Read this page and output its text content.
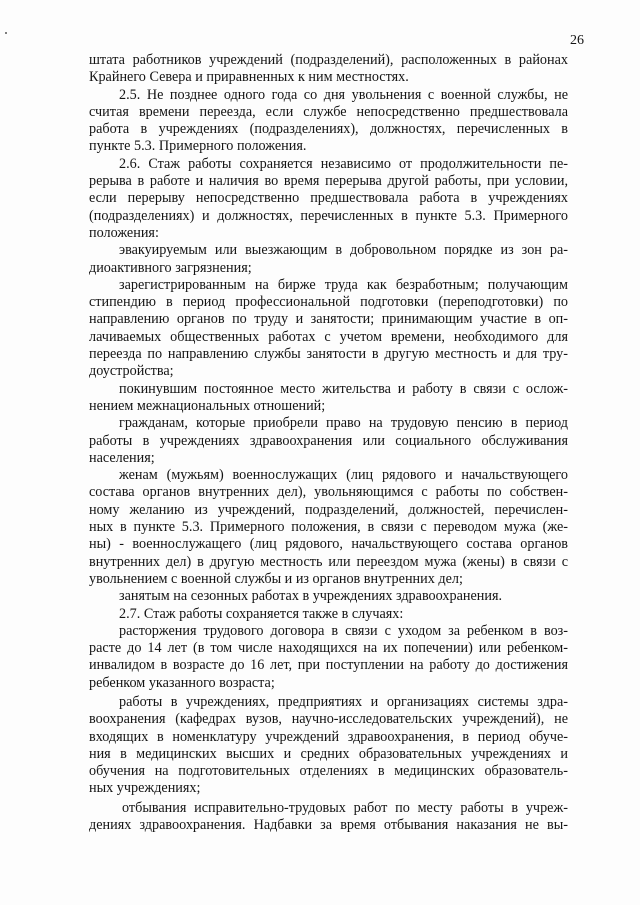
26
штата работников учреждений (подразделений), расположенных в районах
Крайнего Севера и приравненных к ним местностях.
2.5. Не позднее одного года со дня увольнения с военной службы, не
считая времени переезда, если службе непосредственно предшествовала
работа в учреждениях (подразделениях), должностях, перечисленных в
пункте 5.3. Примерного положения.
2.6. Стаж работы сохраняется независимо от продолжительности пе-
рерыва в работе и наличия во время перерыва другой работы, при условии,
если перерыву непосредственно предшествовала работа в учреждениях
(подразделениях) и должностях, перечисленных в пункте 5.3. Примерного
положения:
эвакуируемым или выезжающим в добровольном порядке из зон ра-
диоактивного загрязнения;
зарегистрированным на бирже труда как безработным; получающим
стипендию в период профессиональной подготовки (переподготовки) по
направлению органов по труду и занятости; принимающим участие в оп-
лачиваемых общественных работах с учетом времени, необходимого для
переезда по направлению службы занятости в другую местность и для тру-
доустройства;
покинувшим постоянное место жительства и работу в связи с ослож-
нением межнациональных отношений;
гражданам, которые приобрели право на трудовую пенсию в период
работы в учреждениях здравоохранения или социального обслуживания
населения;
женам (мужьям) военнослужащих (лиц рядового и начальствующего
состава органов внутренних дел), увольняющимся с работы по собствен-
ному желанию из учреждений, подразделений, должностей, перечислен-
ных в пункте 5.3. Примерного положения, в связи с переводом мужа (же-
ны) - военнослужащего (лиц рядового, начальствующего состава органов
внутренних дел) в другую местность или переездом мужа (жены) в связи с
увольнением с военной службы и из органов внутренних дел;
занятым на сезонных работах в учреждениях здравоохранения.
2.7. Стаж работы сохраняется также в случаях:
расторжения трудового договора в связи с уходом за ребенком в воз-
расте до 14 лет (в том числе находящихся на их попечении) или ребенком-
инвалидом в возрасте до 16 лет, при поступлении на работу до достижения
ребенком указанного возраста;
работы в учреждениях, предприятиях и организациях системы здра-
воохранения (кафедрах вузов, научно-исследовательских учреждений), не
входящих в номенклатуру учреждений здравоохранения, в период обуче-
ния в медицинских высших и средних образовательных учреждениях и
обучения на подготовительных отделениях в медицинских образователь-
ных учреждениях;
отбывания исправительно-трудовых работ по месту работы в учреж-
дениях здравоохранения. Надбавки за время отбывания наказания не вы-
